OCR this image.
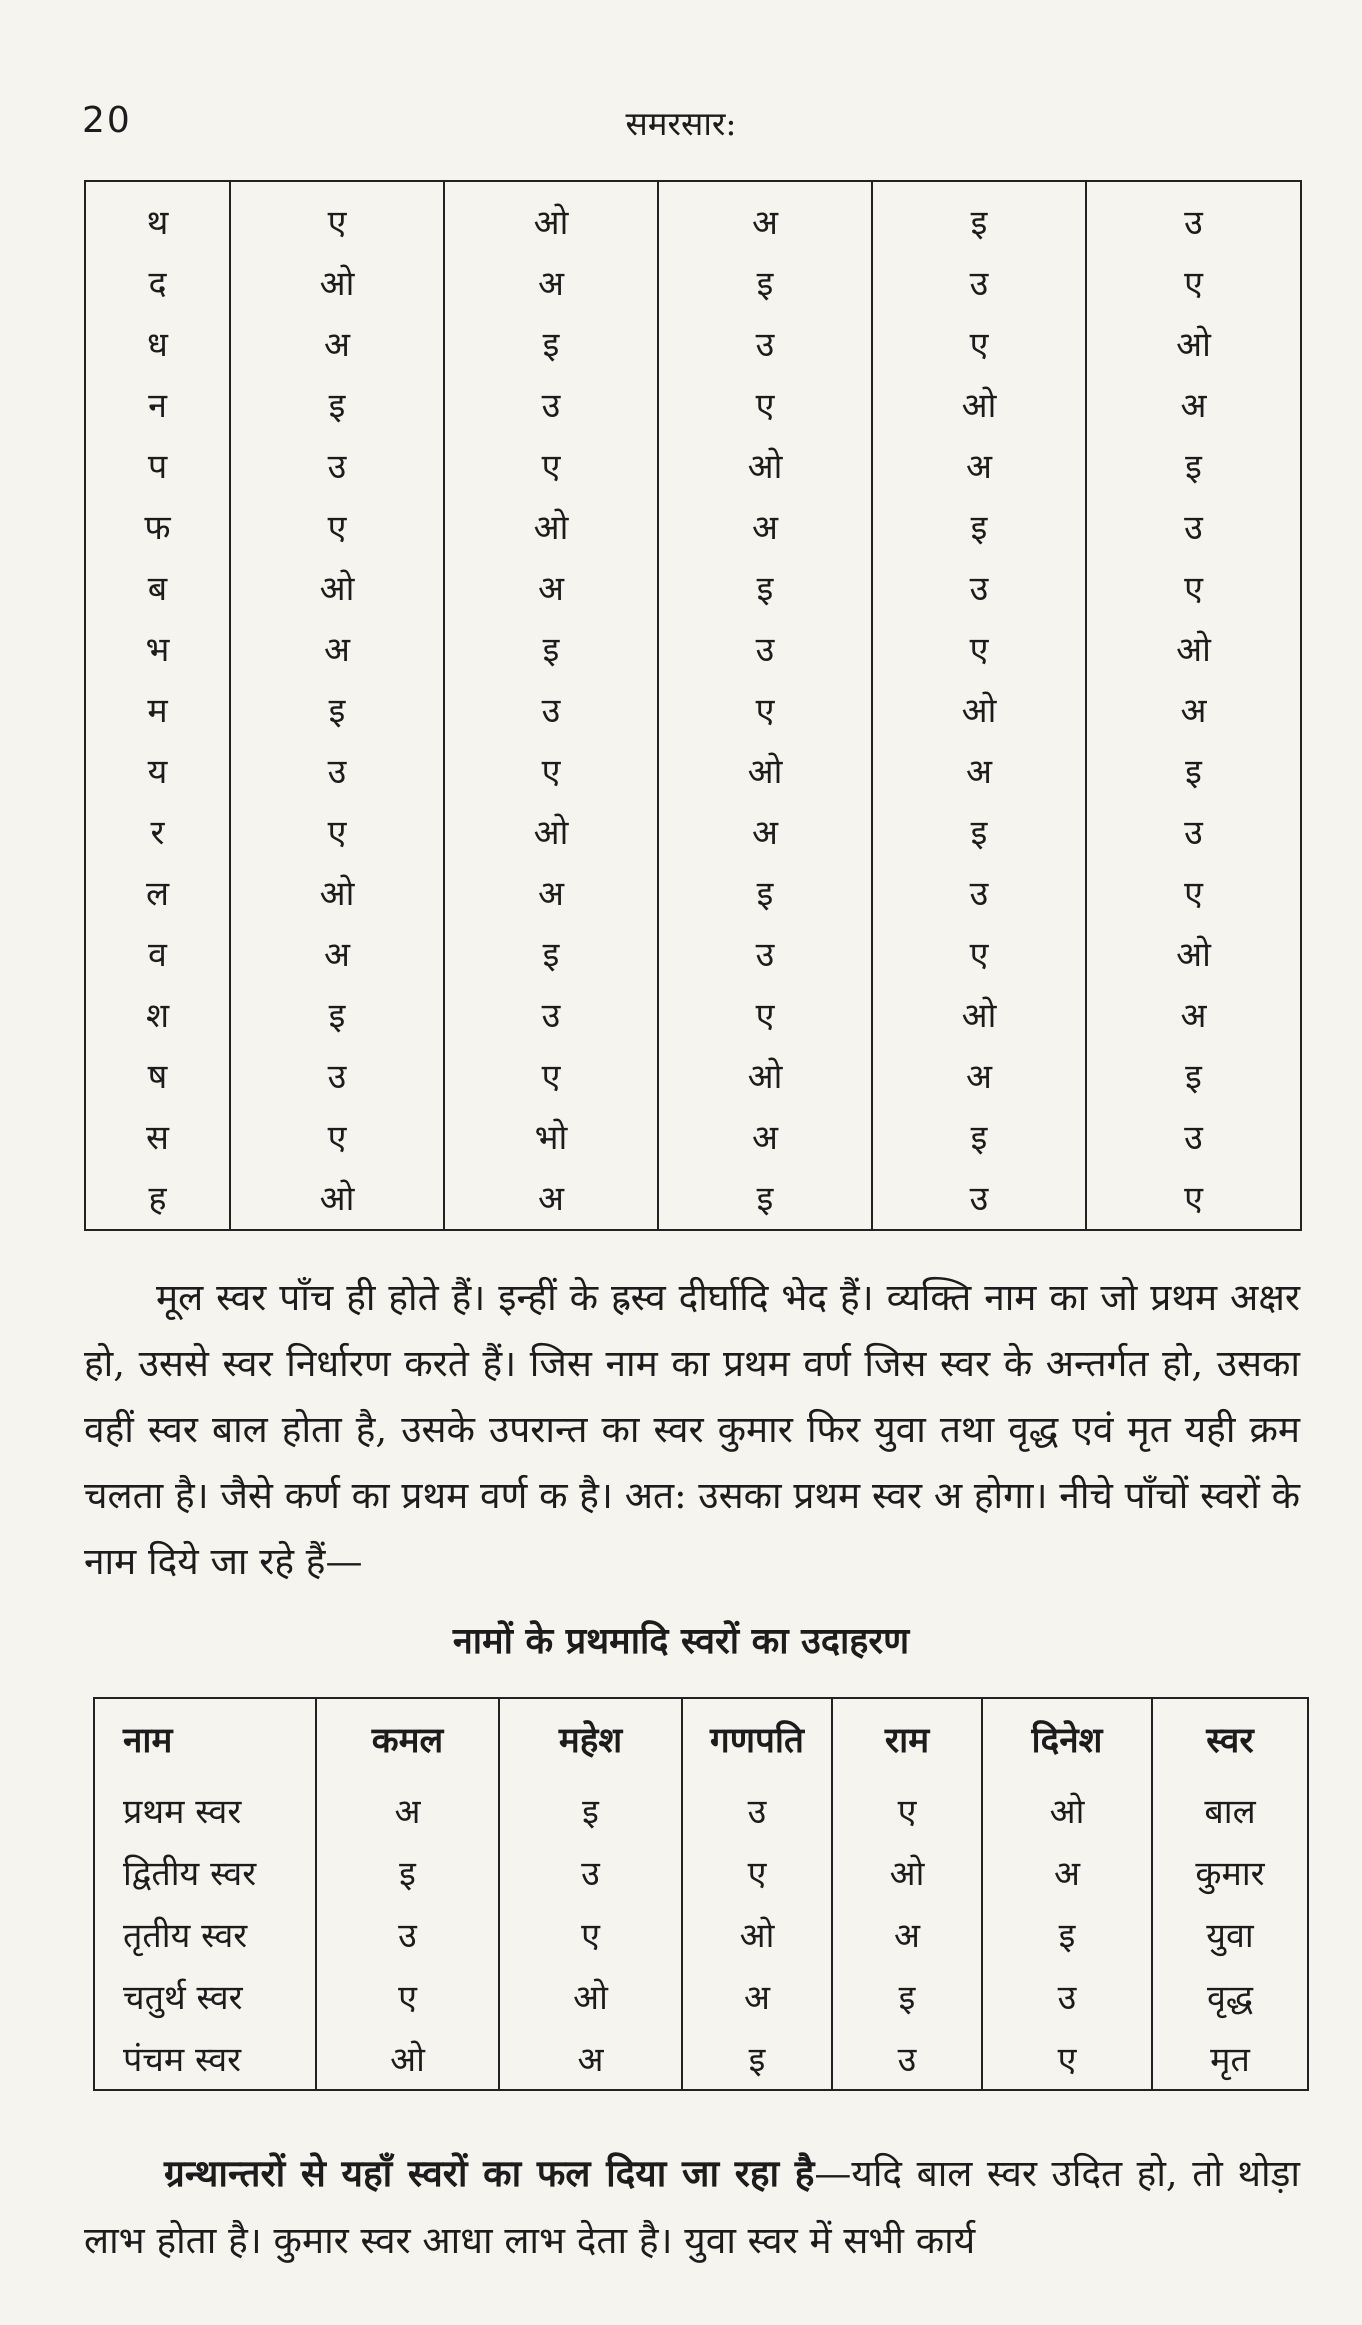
20	समरसार:
थ	ए	ओ	अ	इ	उ
द	ओ	अ	इ	उ	ए
ध	अ	इ	उ	ए	ओ
न	इ	उ	ए	ओ	अ
प	उ	ए	ओ	अ	इ
फ	ए	ओ	अ	इ	उ
ब	ओ	अ	इ	उ	ए
भ	अ	इ	उ	ए	ओ
म	इ	उ	ए	ओ	अ
य	उ	ए	ओ	अ	इ
र	ए	ओ	अ	इ	उ
ल	ओ	अ	इ	उ	ए
व	अ	इ	उ	ए	ओ
श	इ	उ	ए	ओ	अ
ष	उ	ए	ओ	अ	इ
स	ए	भो	अ	इ	उ
ह	ओ	अ	इ	उ	ए

मूल स्वर पाँच ही होते हैं। इन्हीं के ह्रस्व दीर्घादि भेद हैं। व्यक्ति नाम का जो प्रथम अक्षर हो, उससे स्वर निर्धारण करते हैं। जिस नाम का प्रथम वर्ण जिस स्वर के अन्तर्गत हो, उसका वहीं स्वर बाल होता है, उसके उपरान्त का स्वर कुमार फिर युवा तथा वृद्ध एवं मृत यही क्रम चलता है। जैसे कर्ण का प्रथम वर्ण क है। अत: उसका प्रथम स्वर अ होगा। नीचे पाँचों स्वरों के नाम दिये जा रहे हैं—

नामों के प्रथमादि स्वरों का उदाहरण
नाम	कमल	महेश	गणपति	राम	दिनेश	स्वर
प्रथम स्वर	अ	इ	उ	ए	ओ	बाल
द्वितीय स्वर	इ	उ	ए	ओ	अ	कुमार
तृतीय स्वर	उ	ए	ओ	अ	इ	युवा
चतुर्थ स्वर	ए	ओ	अ	इ	उ	वृद्ध
पंचम स्वर	ओ	अ	इ	उ	ए	मृत

ग्रन्थान्तरों से यहाँ स्वरों का फल दिया जा रहा है—यदि बाल स्वर उदित हो, तो थोड़ा लाभ होता है। कुमार स्वर आधा लाभ देता है। युवा स्वर में सभी कार्य
